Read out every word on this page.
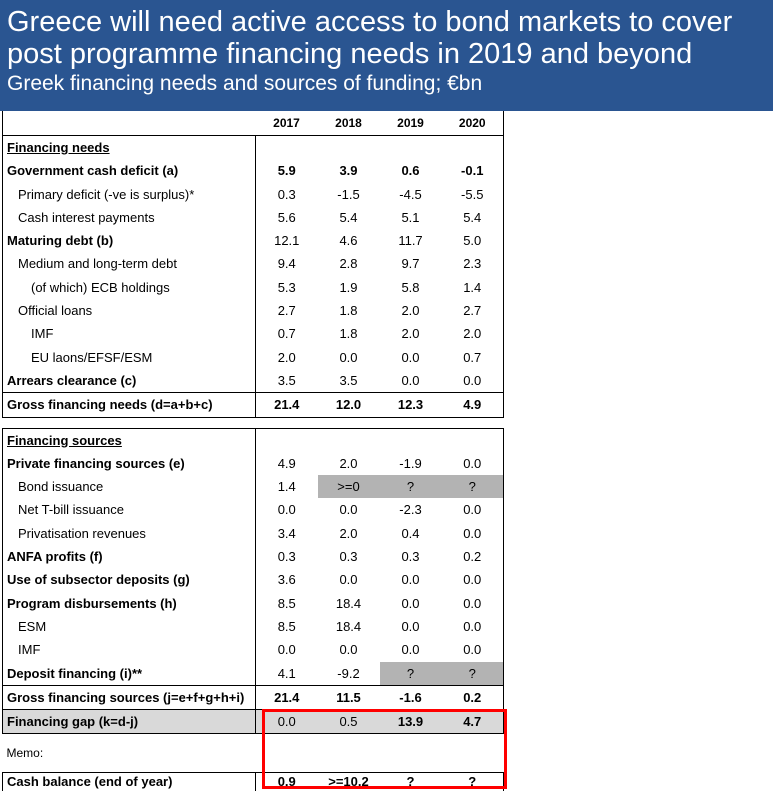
Greece will need active access to bond markets to cover
post programme financing needs in 2019 and beyond
Greek financing needs and sources of funding; €bn
	2017	2018	2019	2020
Financing needs				
Government cash deficit (a)	5.9	3.9	0.6	-0.1
Primary deficit (-ve is surplus)*	0.3	-1.5	-4.5	-5.5
Cash interest payments	5.6	5.4	5.1	5.4
Maturing debt (b)	12.1	4.6	11.7	5.0
Medium and long-term debt	9.4	2.8	9.7	2.3
(of which) ECB holdings	5.3	1.9	5.8	1.4
Official loans	2.7	1.8	2.0	2.7
IMF	0.7	1.8	2.0	2.0
EU laons/EFSF/ESM	2.0	0.0	0.0	0.7
Arrears clearance (c)	3.5	3.5	0.0	0.0
Gross financing needs (d=a+b+c)	21.4	12.0	12.3	4.9

Financing sources				
Private financing sources (e)	4.9	2.0	-1.9	0.0
Bond issuance	1.4	>=0	?	?
Net T-bill issuance	0.0	0.0	-2.3	0.0
Privatisation revenues	3.4	2.0	0.4	0.0
ANFA profits (f)	0.3	0.3	0.3	0.2
Use of subsector deposits (g)	3.6	0.0	0.0	0.0
Program disbursements (h)	8.5	18.4	0.0	0.0
ESM	8.5	18.4	0.0	0.0
IMF	0.0	0.0	0.0	0.0
Deposit financing (i)**	4.1	-9.2	?	?
Gross financing sources (j=e+f+g+h+i)	21.4	11.5	-1.6	0.2
Financing gap (k=d-j)	0.0	0.5	13.9	4.7
Memo:				
Cash balance (end of year)	0.9	>=10.2	?	?
